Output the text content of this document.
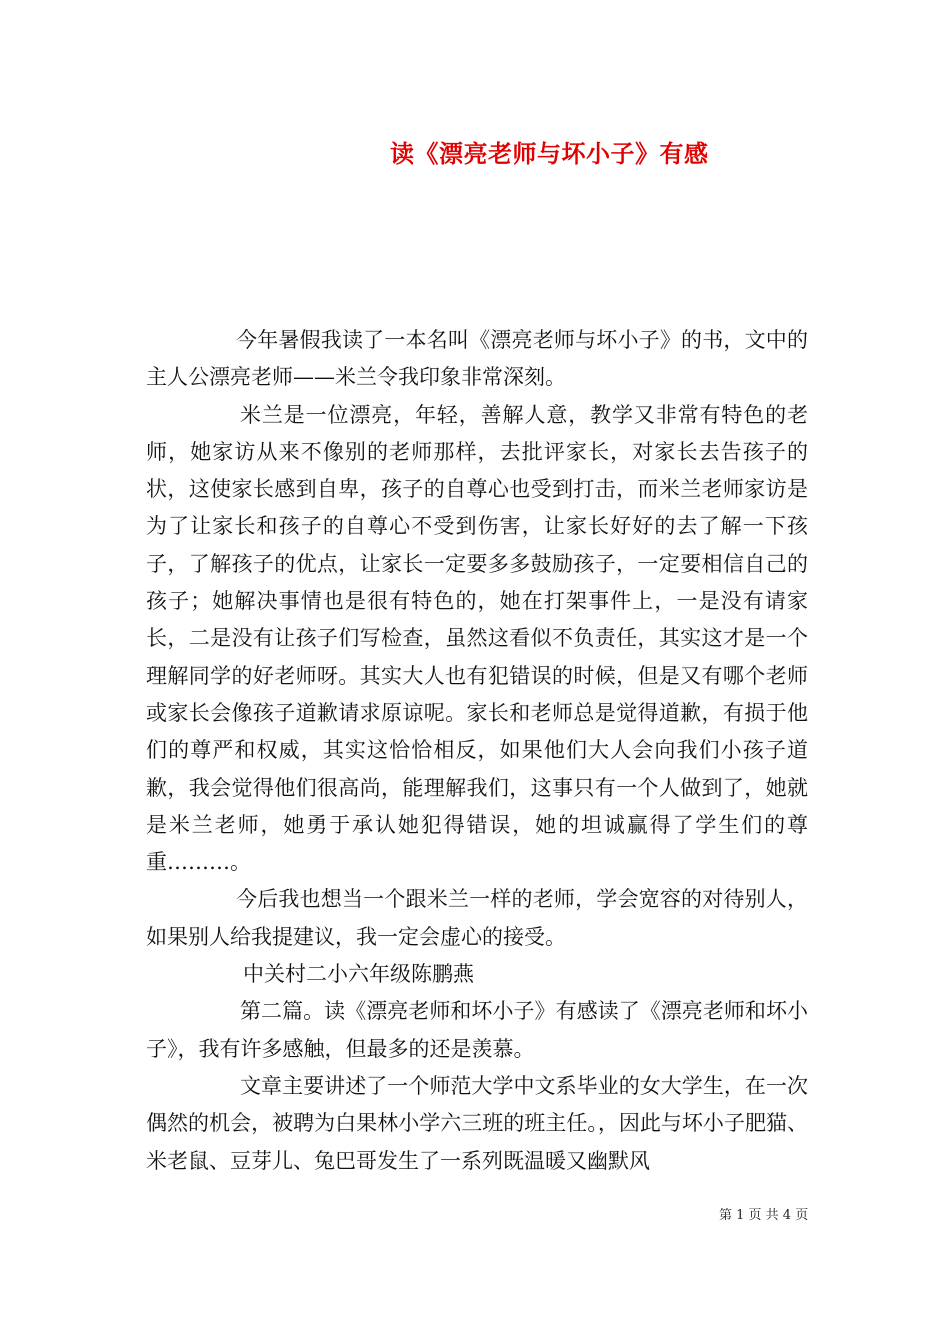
读《漂亮老师与坏小子》有感

今年暑假我读了一本名叫《漂亮老师与坏小子》的书，文中的主人公漂亮老师——米兰令我印象非常深刻。

米兰是一位漂亮，年轻，善解人意，教学又非常有特色的老师，她家访从来不像别的老师那样，去批评家长，对家长去告孩子的状，这使家长感到自卑，孩子的自尊心也受到打击，而米兰老师家访是为了让家长和孩子的自尊心不受到伤害，让家长好好的去了解一下孩子，了解孩子的优点，让家长一定要多多鼓励孩子，一定要相信自己的孩子；她解决事情也是很有特色的，她在打架事件上，一是没有请家长，二是没有让孩子们写检查，虽然这看似不负责任，其实这才是一个理解同学的好老师呀。其实大人也有犯错误的时候，但是又有哪个老师或家长会像孩子道歉请求原谅呢。家长和老师总是觉得道歉，有损于他们的尊严和权威，其实这恰恰相反，如果他们大人会向我们小孩子道歉，我会觉得他们很高尚，能理解我们，这事只有一个人做到了，她就是米兰老师，她勇于承认她犯得错误，她的坦诚赢得了学生们的尊重………。

今后我也想当一个跟米兰一样的老师，学会宽容的对待别人，如果别人给我提建议，我一定会虚心的接受。

中关村二小六年级陈鹏燕

第二篇。读《漂亮老师和坏小子》有感读了《漂亮老师和坏小子》，我有许多感触，但最多的还是羡慕。

文章主要讲述了一个师范大学中文系毕业的女大学生，在一次偶然的机会，被聘为白果林小学六三班的班主任。，因此与坏小子肥猫、米老鼠、豆芽儿、兔巴哥发生了一系列既温暖又幽默风

第 1 页 共 4 页
